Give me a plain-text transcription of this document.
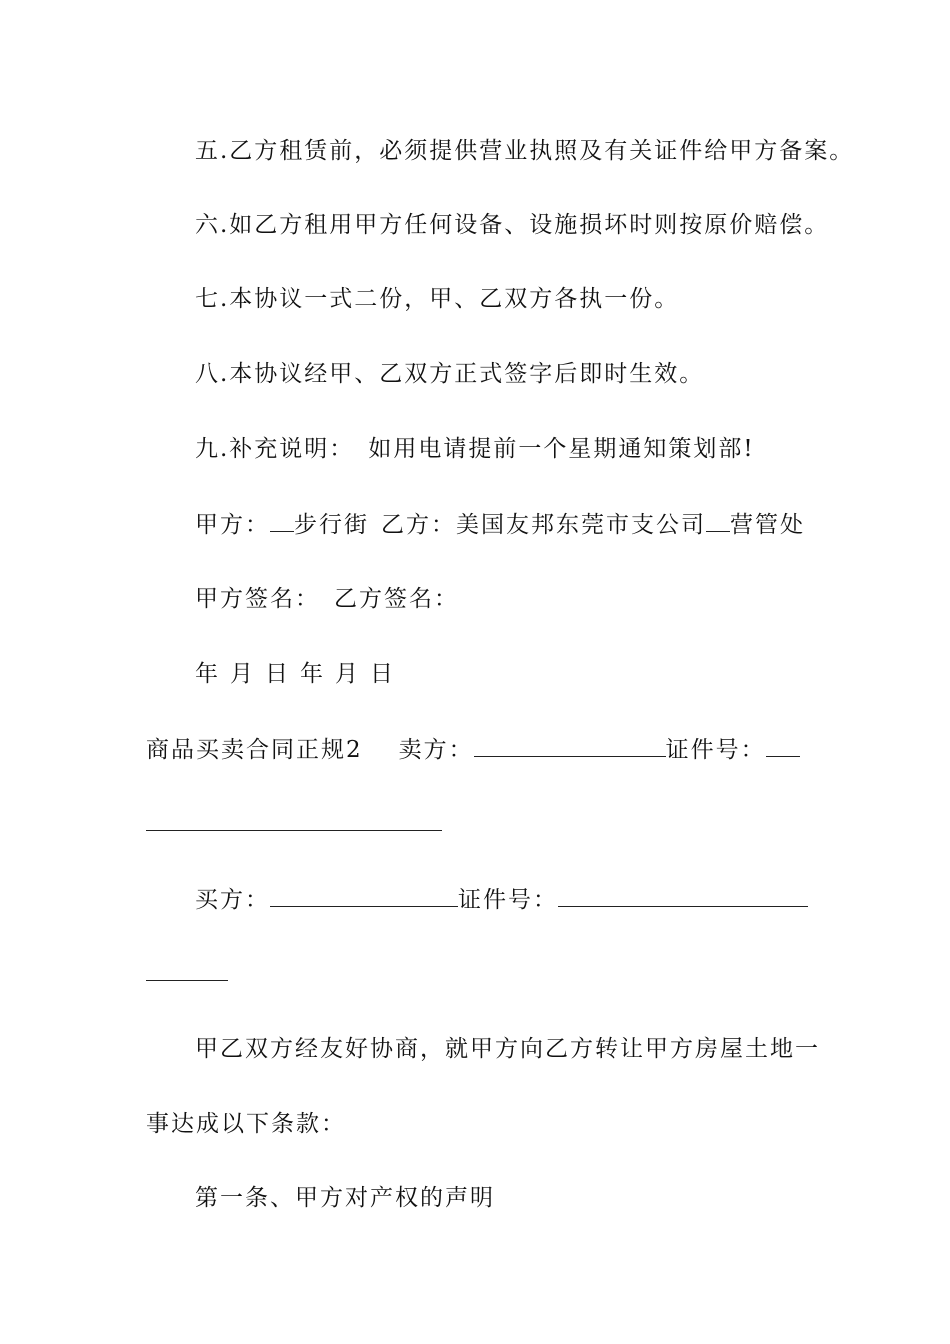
五.乙方租赁前，必须提供营业执照及有关证件给甲方备案。
六.如乙方租用甲方任何设备、设施损坏时则按原价赔偿。
七.本协议一式二份，甲、乙双方各执一份。
八.本协议经甲、乙双方正式签字后即时生效。
九.补充说明： 如用电请提前一个星期通知策划部!
甲方： 步行街 乙方：美国友邦东莞市支公司 营管处
甲方签名： 乙方签名：
年 月 日 年 月 日
商品买卖合同正规2 卖方：	证件号：
买方：	证件号：
甲乙双方经友好协商，就甲方向乙方转让甲方房屋土地一
事达成以下条款：
第一条、甲方对产权的声明
